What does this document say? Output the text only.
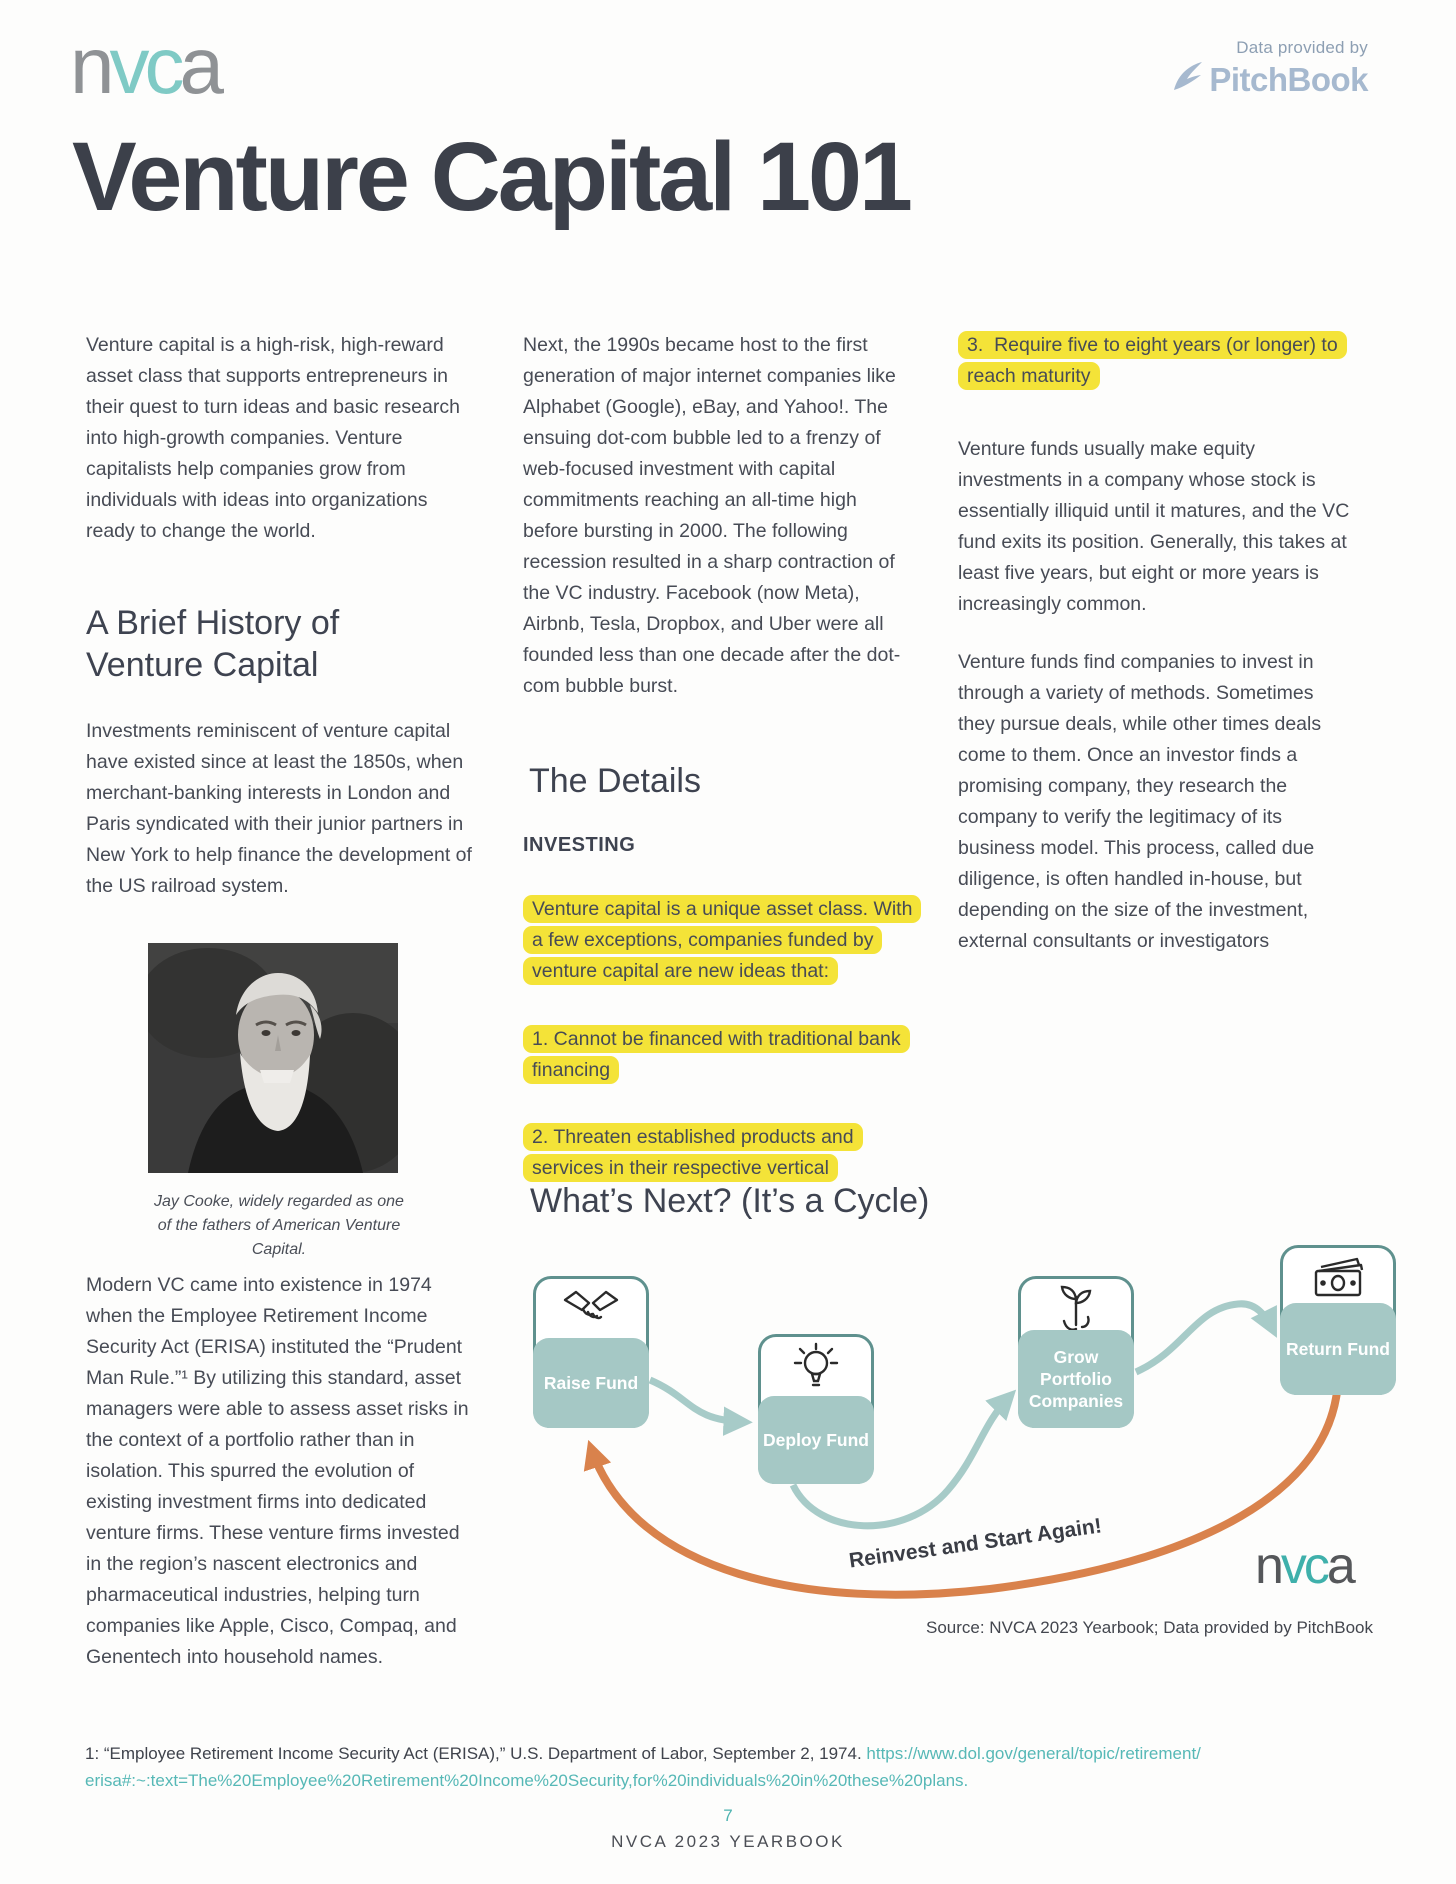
nvca	Data provided by
PitchBook
Venture Capital 101

Venture capital is a high-risk, high-reward asset class that supports entrepreneurs in their quest to turn ideas and basic research into high-growth companies. Venture capitalists help companies grow from individuals with ideas into organizations ready to change the world.

A Brief History of Venture Capital

Investments reminiscent of venture capital have existed since at least the 1850s, when merchant-banking interests in London and Paris syndicated with their junior partners in New York to help finance the development of the US railroad system.

Jay Cooke, widely regarded as one of the fathers of American Venture Capital.

Modern VC came into existence in 1974 when the Employee Retirement Income Security Act (ERISA) instituted the “Prudent Man Rule.”¹ By utilizing this standard, asset managers were able to assess asset risks in the context of a portfolio rather than in isolation. This spurred the evolution of existing investment firms into dedicated venture firms. These venture firms invested in the region’s nascent electronics and pharmaceutical industries, helping turn companies like Apple, Cisco, Compaq, and Genentech into household names.

Next, the 1990s became host to the first generation of major internet companies like Alphabet (Google), eBay, and Yahoo!. The ensuing dot-com bubble led to a frenzy of web-focused investment with capital commitments reaching an all-time high before bursting in 2000. The following recession resulted in a sharp contraction of the VC industry. Facebook (now Meta), Airbnb, Tesla, Dropbox, and Uber were all founded less than one decade after the dot-com bubble burst.

The Details
INVESTING

Venture capital is a unique asset class. With a few exceptions, companies funded by venture capital are new ideas that:

1. Cannot be financed with traditional bank financing

2. Threaten established products and services in their respective vertical

3.  Require five to eight years (or longer) to reach maturity

Venture funds usually make equity investments in a company whose stock is essentially illiquid until it matures, and the VC fund exits its position. Generally, this takes at least five years, but eight or more years is increasingly common.

Venture funds find companies to invest in through a variety of methods. Sometimes they pursue deals, while other times deals come to them. Once an investor finds a promising company, they research the company to verify the legitimacy of its business model. This process, called due diligence, is often handled in-house, but depending on the size of the investment, external consultants or investigators

What’s Next? (It’s a Cycle)
Raise Fund
Deploy Fund
Grow Portfolio Companies
Return Fund
Reinvest and Start Again!	nvca
Source: NVCA 2023 Yearbook; Data provided by PitchBook
1: “Employee Retirement Income Security Act (ERISA),” U.S. Department of Labor, September 2, 1974. https://www.dol.gov/general/topic/retirement/
erisa#:~:text=The%20Employee%20Retirement%20Income%20Security,for%20individuals%20in%20these%20plans.
7
NVCA 2023 YEARBOOK
